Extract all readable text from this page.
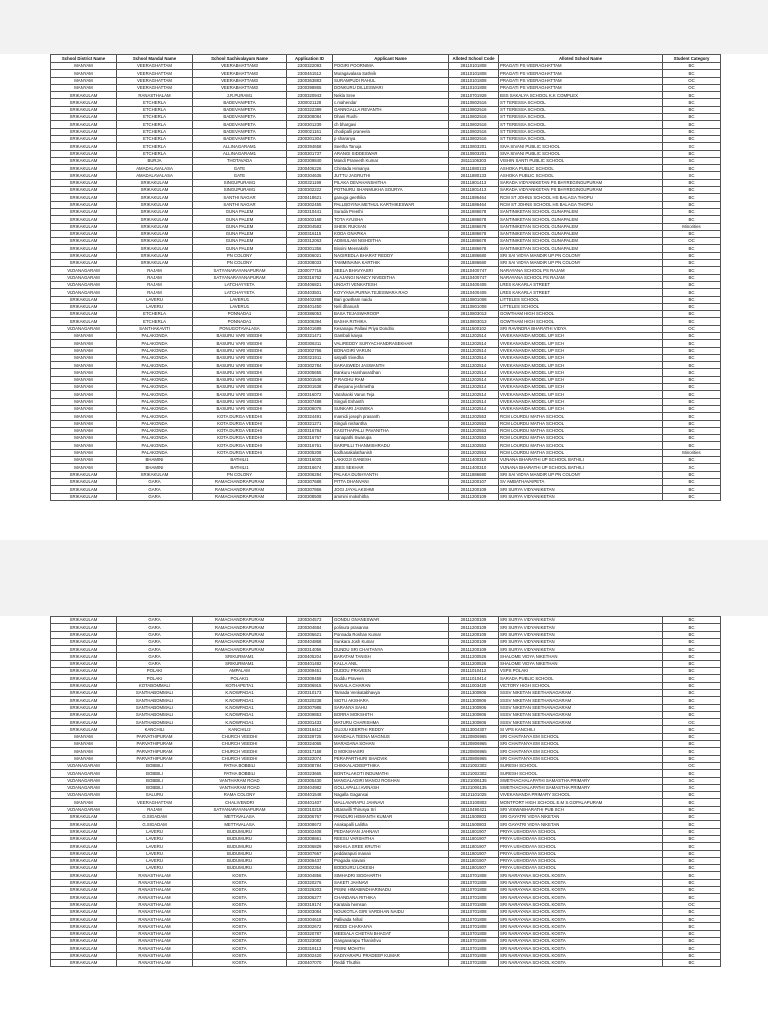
School District Name	School Mandal Name	School Sachivalayam Name	Application ID	Applicant Name	Alloted School Code	Alloted School Name	Student Category
MANYAM	VEERAGHATTAM	VEERABHATTAM3	2300322093	POGIRI POORNIMA	28110101808	PRAGATI PS VEERAGHATTAM	BC
MANYAM	VEERAGHATTAM	VEERABHATTAM3	2300461512	Muragavalasa Sathvik	28110101808	PRAGATI PS VEERAGHATTAM	BC
MANYAM	VEERAGHATTAM	VEERABHATTAM3	2300363883	SURAMPUDI RAHUL	28110101808	PRAGATI PS VEERAGHATTAM	OC
MANYAM	VEERAGHATTAM	VEERABHATTAM3	2300398865	DONKURU DILLESWARI	28110101808	PRAGATI PS VEERAGHATTAM	OC
SRIKAKULAM	RANASTHALAM	J.R.PURAM1	2300320943	Nekla Sree	28110701928	BSS SAKALYA SCHOOL K.K COMPLEX	BC
SRIKAKULAM	ETCHERLA	BADEVANIPETA	2300021128	c.mahendar	28110802516	ST TERESSA SCHOOL	BC
SRIKAKULAM	ETCHERLA	BADEVANIPETA	2300322389	GANNGALLA REVANTH	28110802516	ST TERESSA SCHOOL	BC
SRIKAKULAM	ETCHERLA	BADEVANIPETA	2300308084	Dhani Rushi	28110802516	ST TERESSA SCHOOL	BC
SRIKAKULAM	ETCHERLA	BADEVANIPETA	2300301239	ch bhargavi	28110802516	ST TERESSA SCHOOL	BC
SRIKAKULAM	ETCHERLA	BADEVANIPETA	2300021161	chodipalli praneela	28110802516	ST TERESSA SCHOOL	BC
SRIKAKULAM	ETCHERLA	BADEVANIPETA	2300301304	p sharanya	28110802516	ST TERESSA SCHOOL	BC
SRIKAKULAM	ETCHERLA	ALLINAGARAM1	2300394658	Seetha Tanuja	28110803201	SIVA SIVANI PUBLIC SCHOOL	SC
SRIKAKULAM	ETCHERLA	ALLINAGARAM1	2300301737	ARANGI SIDDESWAR	28110803201	SIVA SIVANI PUBLIC SCHOOL	BC
SRIKAKULAM	BURJA	THOTAVADA	2300309840	Mandi Praneeth Kumar	28111106303	VISHIN SANTI PUBLIC SCHOOL	SC
SRIKAKULAM	AMADALAVALASA	GATE	2300406226	Chintada Himanya	28111880133	ASHOKA PUBLIC SCHOOL	BC
SRIKAKULAM	AMADALAVALASA	GATE	2300304635	JUTTU JAGRUTHI	28111880133	ASHOKA PUBLIC SCHOOL	SC
SRIKAKULAM	SRIKAKULAM	SINGUPURAM1	2300321199	PILAKA DEVAHANSHITHA	28111801413	SARADA VIDYANIKETAN PS BHYREGINGUPURAM	BC
SRIKAKULAM	SRIKAKULAM	SINGUPURAM1	2300302222	POTNURU SHANMUKHA SOURYA	28111801413	SARADA VIDYANIKETAN PS BHYREGINGUPURAM	BC
SRIKAKULAM	SRIKAKULAM	SANTHI NAGAR	2300418621	ganuga geethika	28111886464	RCM ST JOHNS SCHOOL HS BALAGA THOPU	BC
SRIKAKULAM	SRIKAKULAM	SANTHI NAGAR	2300302455	PALLBOYINA METHUL KARTHIKESWAR	28111886464	RCM ST JOHNS SCHOOL HS BALAGA THOPU	BC
SRIKAKULAM	SRIKAKULAM	GUNA PALEM	2300310441	Surada Preethi	28111886678	SANTINIKETAN SCHOOL GUNAPALEM	BC
SRIKAKULAM	SRIKAKULAM	GUNA PALEM	2300302168	TOTA AYUSHA	28111886678	SANTINIKETAN SCHOOL GUNAPALEM	BC
SRIKAKULAM	SRIKAKULAM	GUNA PALEM	2300304583	SHEIK RUKSAN	28111886678	SANTINIKETAN SCHOOL GUNAPALEM	Minorities
SRIKAKULAM	SRIKAKULAM	GUNA PALEM	2300316115	KODA GNAPIKA	28111886678	SANTINIKETAN SCHOOL GUNAPALEM	BC
SRIKAKULAM	SRIKAKULAM	GUNA PALEM	2300312063	ADIMULAM NISHDITHA	28111886678	SANTINIKETAN SCHOOL GUNAPALEM	OC
SRIKAKULAM	SRIKAKULAM	GUNA PALEM	2300301356	Bissini Meenakshi	28111886678	SANTINIKETAN SCHOOL GUNAPALEM	BC
SRIKAKULAM	SRIKAKULAM	PN COLONY	2300306021	NAGIREDLA BHARAT REDDY	28111886680	SRI SAI VIDYA MANDIR UP PN COLONY	BC
SRIKAKULAM	SRIKAKULAM	PN COLONY	2300308033	TAMMINAINA KARTHIK	28111886680	SRI SAI VIDYA MANDIR UP PN COLONY	BC
VIZIANAGARAM	RAJAM	SATYANARAYANAPURAM	2300077716	SEELA BHAVYASRI	28110400747	NARAYANA SCHOOL PS RAJAM	BC
VIZIANAGARAM	RAJAM	SATYANARAYANAPURAM	2300316762	ALAJANGI NANCY NIVEDITHA	28110400747	NARAYANA SCHOOL PS RAJAM	BC
VIZIANAGARAM	RAJAM	LATCHAYYETA	2300406821	UNGATI VENKATESH	28110400405	LRES KAKARLA STREET	BC
VIZIANAGARAM	RAJAM	LATCHAYYETA	2300403501	KOYYANA PURNA TEJESWARA RAO	28110400405	LRES KAKARLA STREET	BC
SRIKAKULAM	LAVERU	LAVERU1	2300402268	Bari gowtham naidu	28110801008	LITTELES SCHOOL	BC
SRIKAKULAM	LAVERU	LAVERU1	2300401450	Neli dhanush	28110801008	LITTELES SCHOOL	BC
SRIKAKULAM	ETCHERLA	PONNADA1	2300386053	BASA TEJASWAROOP	28110803013	GOWTHAM HIGH SCHOOL	BC
SRIKAKULAM	ETCHERLA	PONNADA1	2300306394	BASHA RITHIKA	28110803013	GOWTHAM HIGH SCHOOL	BC
VIZIANAGARAM	SANTHAKAVITI	PONUGOTAVALASA	2300401689	Kesanapu Pallavi Priya Dondrix	28111500102	SRI RAVINDRA BHARATHI VIDYA	OC
MANYAM	PALAKONDA	BASURU VARI VEEDHI	2300321471	Gambali kavya	28111202514	VIVEKANANDA MODEL UP SCH	BC
MANYAM	PALAKONDA	BASURU VARI VEEDHI	2300306311	VALIREDDY SURYACHANDRASEKHAR	28111202514	VIVEKANANDA MODEL UP SCH	BC
MANYAM	PALAKONDA	BASURU VARI VEEDHI	2300302766	BONAGIRI VARUN	28111202514	VIVEKANANDA MODEL UP SCH	BC
MANYAM	PALAKONDA	BASURU VARI VEEDHI	2300321911	satyalli trivedha	28111202514	VIVEKANANDA MODEL UP SCH	BC
MANYAM	PALAKONDA	BASURU VARI VEEDHI	2300302784	SARASWEDI JASWANTH	28111202514	VIVEKANANDA MODEL UP SCH	BC
MANYAM	PALAKONDA	BASURU VARI VEEDHI	2300305655	Bankuru Harshavardhan	28111202514	VIVEKANANDA MODEL UP SCH	BC
MANYAM	PALAKONDA	BASURU VARI VEEDHI	2300301546	P RAGHU RAM	28111202514	VIVEKANANDA MODEL UP SCH	BC
MANYAM	PALAKONDA	BASURU VARI VEEDHI	2300301538	dheepanu jeshmetha	28111202514	VIVEKANANDA MODEL UP SCH	BC
MANYAM	PALAKONDA	BASURU VARI VEEDHI	2300316072	Varahanki Varun Teja	28111202514	VIVEKANANDA MODEL UP SCH	BC
MANYAM	PALAKONDA	BASURU VARI VEEDHI	2300307488	Singuli Eshanth	28111202514	VIVEKANANDA MODEL UP SCH	BC
MANYAM	PALAKONDA	BASURU VARI VEEDHI	2300306076	SUNKARI JASWIKA	28111202514	VIVEKANANDA MODEL UP SCH	BC
MANYAM	PALAKONDA	KOTA DURGA VEEDHI	2300324491	mamidi joseph prasanth	28111202553	RCM LOURDU MATHA SCHOOL	BC
MANYAM	PALAKONDA	KOTA DURGA VEEDHI	2300321271	Singuli nishantha	28111202553	RCM LOURDU MATHA SCHOOL	BC
MANYAM	PALAKONDA	KOTA DURGA VEEDHI	2300316784	KAGITHAPALLI PAVANITHA	28111202553	RCM LOURDU MATHA SCHOOL	BC
MANYAM	PALAKONDA	KOTA DURGA VEEDHI	2300316767	Sanapathi Swarupa	28111202553	RCM LOURDU MATHA SCHOOL	BC
MANYAM	PALAKONDA	KOTA DURGA VEEDHI	2300316761	SARIPILLI THANMISHRADU	28111202553	RCM LOURDU MATHA SCHOOL	BC
MANYAM	PALAKONDA	KOTA DURGA VEEDHI	2300305208	kodhanakalathanish	28111202553	RCM LOURDU MATHA SCHOOL	Minorities
MANYAM	BHAMINI	BATHILI1	2300316025	LAKKOJI GANESH	28111400310	VIJNANA BHARATHI UP SCHOOL BATHILI	BC
MANYAM	BHAMINI	BATHILI1	2300316674	JEES SEKHAR	28111400310	VIJNANA BHARATHI UP SCHOOL BATHILI	SC
SRIKAKULAM	SRIKAKULAM	PN COLONY	2300306284	PALAKA DUSHYANTH	28111886680	SRI SAI VIDYA MANDIR UP PN COLONY	BC
SRIKAKULAM	GARA	RAMACHANDRAPURAM	2300307688	PITTA DHANVANI	28111200107	SV AMBATHAVAIPETA	BC
SRIKAKULAM	GARA	RAMACHANDRAPURAM	2300307866	JOGI JAYALAKSHMI	28111200109	SRI SURYA VIDYANIKETAN	BC
SRIKAKULAM	GARA	RAMACHANDRAPURAM	2300308508	ammini mokshitha	28111200109	SRI SURYA VIDYANIKETAN	BC
SRIKAKULAM	GARA	RAMACHANDRAPURAM	2300304573	GONDU GNANESWAR	28111200109	SRI SURYA VIDYANIKETAN	BC
SRIKAKULAM	GARA	RAMACHANDRAPURAM	2300304684	polinura prasanna	28111200109	SRI SURYA VIDYANIKETAN	BC
SRIKAKULAM	GARA	RAMACHANDRAPURAM	2300306621	Ponnada Roshan Kumar	28111200109	SRI SURYA VIDYANIKETAN	BC
SRIKAKULAM	GARA	RAMACHANDRAPURAM	2300404868	Sunkara Josh Kumar	28111200109	SRI SURYA VIDYANIKETAN	BC
SRIKAKULAM	GARA	RAMACHANDRAPURAM	2300314056	DUNDU SRI CHAITANYA	28111200109	SRI SURYA VIDYANIKETAN	BC
SRIKAKULAM	GARA	SRIKURMAM1	2300405204	BARATAM TANISH	28111200526	SHALOME VIDYA NIKETHAN	BC
SRIKAKULAM	GARA	SRIKURMAM1	2300401482	KALLA ANIL	28111200526	SHALOME VIDYA NIKETHAN	BC
SRIKAKULAM	POLAKI	AMPALAM	2300309451	DUDDU PRAVEEN	28111010412	VSPS POLAKI	BC
SRIKAKULAM	POLAKI	POLAKI1	2300309459	Duddu Praveen	28111010414	SARADA PUBLIC SCHOOL	BC
SRIKAKULAM	KOTABOMMALI	KOTHAPETA1	2300306915	NAGALA CHARAN	28111003420	VICTORY HIGH SCHOOL	BC
SRIKAKULAM	SANTHABOMMALI	K.NOWPADA1	2300310173	Tamada Venkatabhavya	28111300806	SSSV NIKETAN SEETHANAGARAM	BC
SRIKAKULAM	SANTHABOMMALI	K.NOWPADA1	2300320238	SIGTU AKSHARA	28111300806	SSSV NIKETAN SEETHANAGARAM	BC
SRIKAKULAM	SANTHABOMMALI	K.NOWPADA1	2300307986	SARANYA SAHU	28111300806	SSSV NIKETAN SEETHANAGARAM	BC
SRIKAKULAM	SANTHABOMMALI	K.NOWPADA1	2300309853	BORRA MOKSHITH	28111300806	SSSV NIKETAN SEETHANAGARAM	BC
SRIKAKULAM	SANTHABOMMALI	K.NOWPADA1	2300301433	MATURU CHARISHMA	28111300806	SSSV NIKETAN SEETHANAGARAM	OC
SRIKAKULAM	KANCHILI	KANCHILI2	2300316412	GUJJU KEERTHI REDDY	28113004307	SI VPS KANCHILI	BC
MANYAM	PARVATHIPURAM	CHURCH VEEDHI	2300329725	MANDALA TEENA MAGNUS	28120806965	SRI CHAITANYA EM SCHOOL	BC
MANYAM	PARVATHIPURAM	CHURCH VEEDHI	2300324055	MARADANA SOHAN	28120806965	SRI CHAITANYA EM SCHOOL	BC
MANYAM	PARVATHIPURAM	CHURCH VEEDHI	2300317158	D MOKSHASRI	28120806965	SRI CHAITANYA EM SCHOOL	BC
MANYAM	PARVATHIPURAM	CHURCH VEEDHI	2300322074	PERAPARTHURI SHADVIK	28120806965	SRI CHAITANYA EM SCHOOL	BC
VIZIANAGARAM	BOBBILI	PATHA BOBBILI	2300308784	CHIKKALADEEPTHIKA	28121002302	SURESH SCHOOL	OC
VIZIANAGARAM	BOBBILI	PATHA BOBBILI	2300323665	BONTALAKOTI INDUMATHI	28121002302	SURESH SCHOOL	BC
VIZIANAGARAM	BOBBILI	VANTHARAM ROAD	2300305430	MANGALAGIRI MANOJ ROSHAN	28121006135	SWETHACHALAPATHI SAMASTHA PRIMARY	SC
VIZIANAGARAM	BOBBILI	VANTHARAM ROAD	2300404982	GOLLAPALLI AVINASH	28121006135	SWETHACHALAPATHI SAMASTHA PRIMARY	SC
VIZIANAGARAM	SALURU	RAMA COLONY	2300401548	Nagalla Gagansai	28121101025	VIVEKANANDA PRIMARY SCHOOL	BC
MANYAM	VEERAGHATTAM	CHALIVENDRI	2300401407	MALLAVARAPU JAHNAVI	28110100803	MONTFORT HIGH SCHOOL E.M S.GOPALAPURAM	BC
VIZIANAGARAM	RAJAM	SATYANARAYANAPURAM	2300310219	Uttaravilli Thirusya Sri	28110490421	SRI VISWABHARATHI PUB SCH	BC
SRIKAKULAM	G.SIGADAM	METTAVALASA	2300306767	PANDURI HEMANTH KUMAR	28111500803	SRI GAYATRI VIDYA NIKETAN	BC
SRIKAKULAM	G.SIGADAM	METTAVALASA	2300308672	Anakapalli Lalitha	28111500803	SRI GAYATRI VIDYA NIKETAN	BC
SRIKAKULAM	LAVERU	BUDUMURU	2300302408	PEDANAYAN JAHNAVI	28111801907	PRIYA USHODAYA SCHOOL	BC
SRIKAKULAM	LAVERU	BUDUMURU	2300308861	REESU VARSHITHA	28111801907	PRIYA USHODAYA SCHOOL	BC
SRIKAKULAM	LAVERU	BUDUMURU	2300306829	NIKHILA SREE KRUTHI	28111801907	PRIYA USHODAYA SCHOOL	BC
SRIKAKULAM	LAVERU	BUDUMURU	2300307667	peddaraputi manan	28111801907	PRIYA USHODAYA SCHOOL	BC
SRIKAKULAM	LAVERU	BUDUMURU	2300306437	Pragada sravani	28111801907	PRIYA USHODAYA SCHOOL	BC
SRIKAKULAM	LAVERU	BUDUMURU	2300302364	BODDURU LOKESH	28111801907	PRIYA USHODAYA SCHOOL	BC
SRIKAKULAM	RANASTHALAM	KOSTA	2300304856	SIMHADRI SIDDHARTH	28110701808	SRI NARAYANA SCHOOL KOSTA	BC
SRIKAKULAM	RANASTHALAM	KOSTA	2300320276	SAKETI JAHNAVI	28110701808	SRI NARAYANA SCHOOL KOSTA	BC
SRIKAKULAM	RANASTHALAM	KOSTA	2300326203	PISINI HIMABINDHARINADU	28110701808	SRI NARAYANA SCHOOL KOSTA	BC
SRIKAKULAM	RANASTHALAM	KOSTA	2300306277	CHANDANA RITHIKA	28110701808	SRI NARAYANA SCHOOL KOSTA	BC
SRIKAKULAM	RANASTHALAM	KOSTA	2300319174	Karatala hemsan	28110701808	SRI NARAYANA SCHOOL KOSTA	OC
SRIKAKULAM	RANASTHALAM	KOSTA	2300303084	NOUKOTLA GIRI VARDHAN NAIDU	28110701808	SRI NARAYANA SCHOOL KOSTA	BC
SRIKAKULAM	RANASTHALAM	KOSTA	2300304618	Pallivada Nihal	28110701808	SRI NARAYANA SCHOOL KOSTA	BC
SRIKAKULAM	RANASTHALAM	KOSTA	2300302672	REDDI CHARANYA	28110701808	SRI NARAYANA SCHOOL KOSTA	BC
SRIKAKULAM	RANASTHALAM	KOSTA	2300320787	MEESALA CHETAN BHAGAT	28110701808	SRI NARAYANA SCHOOL KOSTA	BC
SRIKAKULAM	RANASTHALAM	KOSTA	2300323082	Gangavarapu Thanishvu	28110701808	SRI NARAYANA SCHOOL KOSTA	BC
SRIKAKULAM	RANASTHALAM	KOSTA	2300319113	PISINI MOHITH	28110701808	SRI NARAYANA SCHOOL KOSTA	BC
SRIKAKULAM	RANASTHALAM	KOSTA	2300302420	KADIYARAPU PRADEEP KUMAR	28110701808	SRI NARAYANA SCHOOL KOSTA	BC
SRIKAKULAM	RANASTHALAM	KOSTA	2300407070	Reddi Thuthis	28110701808	SRI NARAYANA SCHOOL KOSTA	BC
